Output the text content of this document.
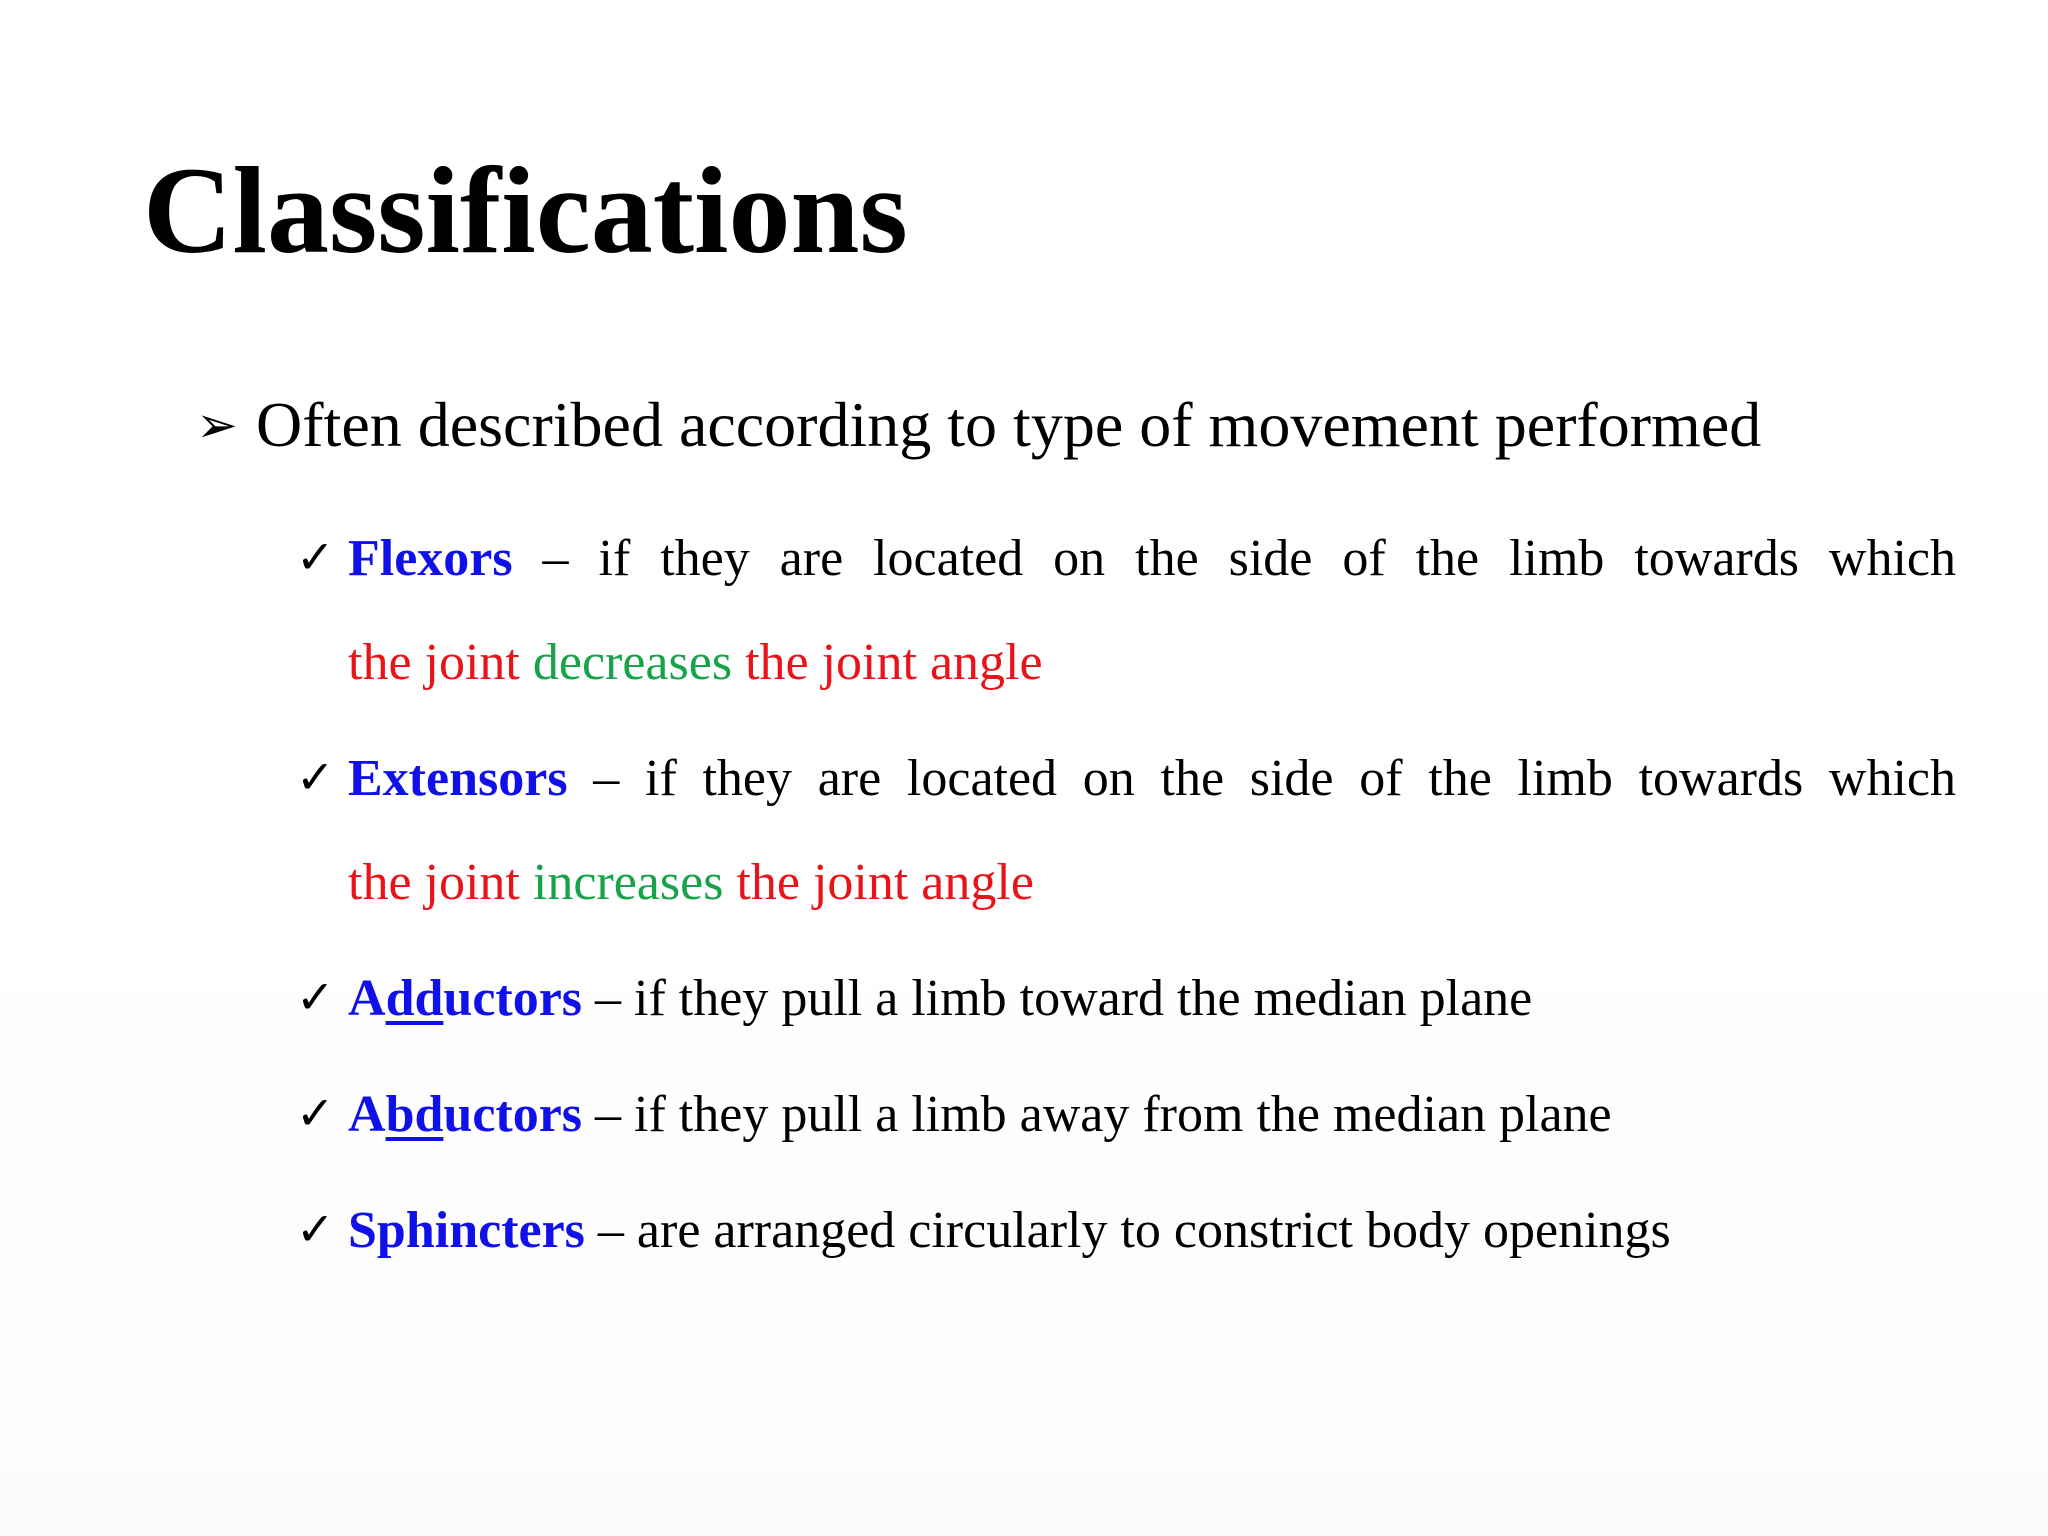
Classifications
➢ Often described according to type of movement performed
✓ Flexors – if they are located on the side of the limb towards which
the joint decreases the joint angle
✓ Extensors – if they are located on the side of the limb towards which
the joint increases the joint angle
✓ Adductors – if they pull a limb toward the median plane
✓ Abductors – if they pull a limb away from the median plane
✓ Sphincters – are arranged circularly to constrict body openings
